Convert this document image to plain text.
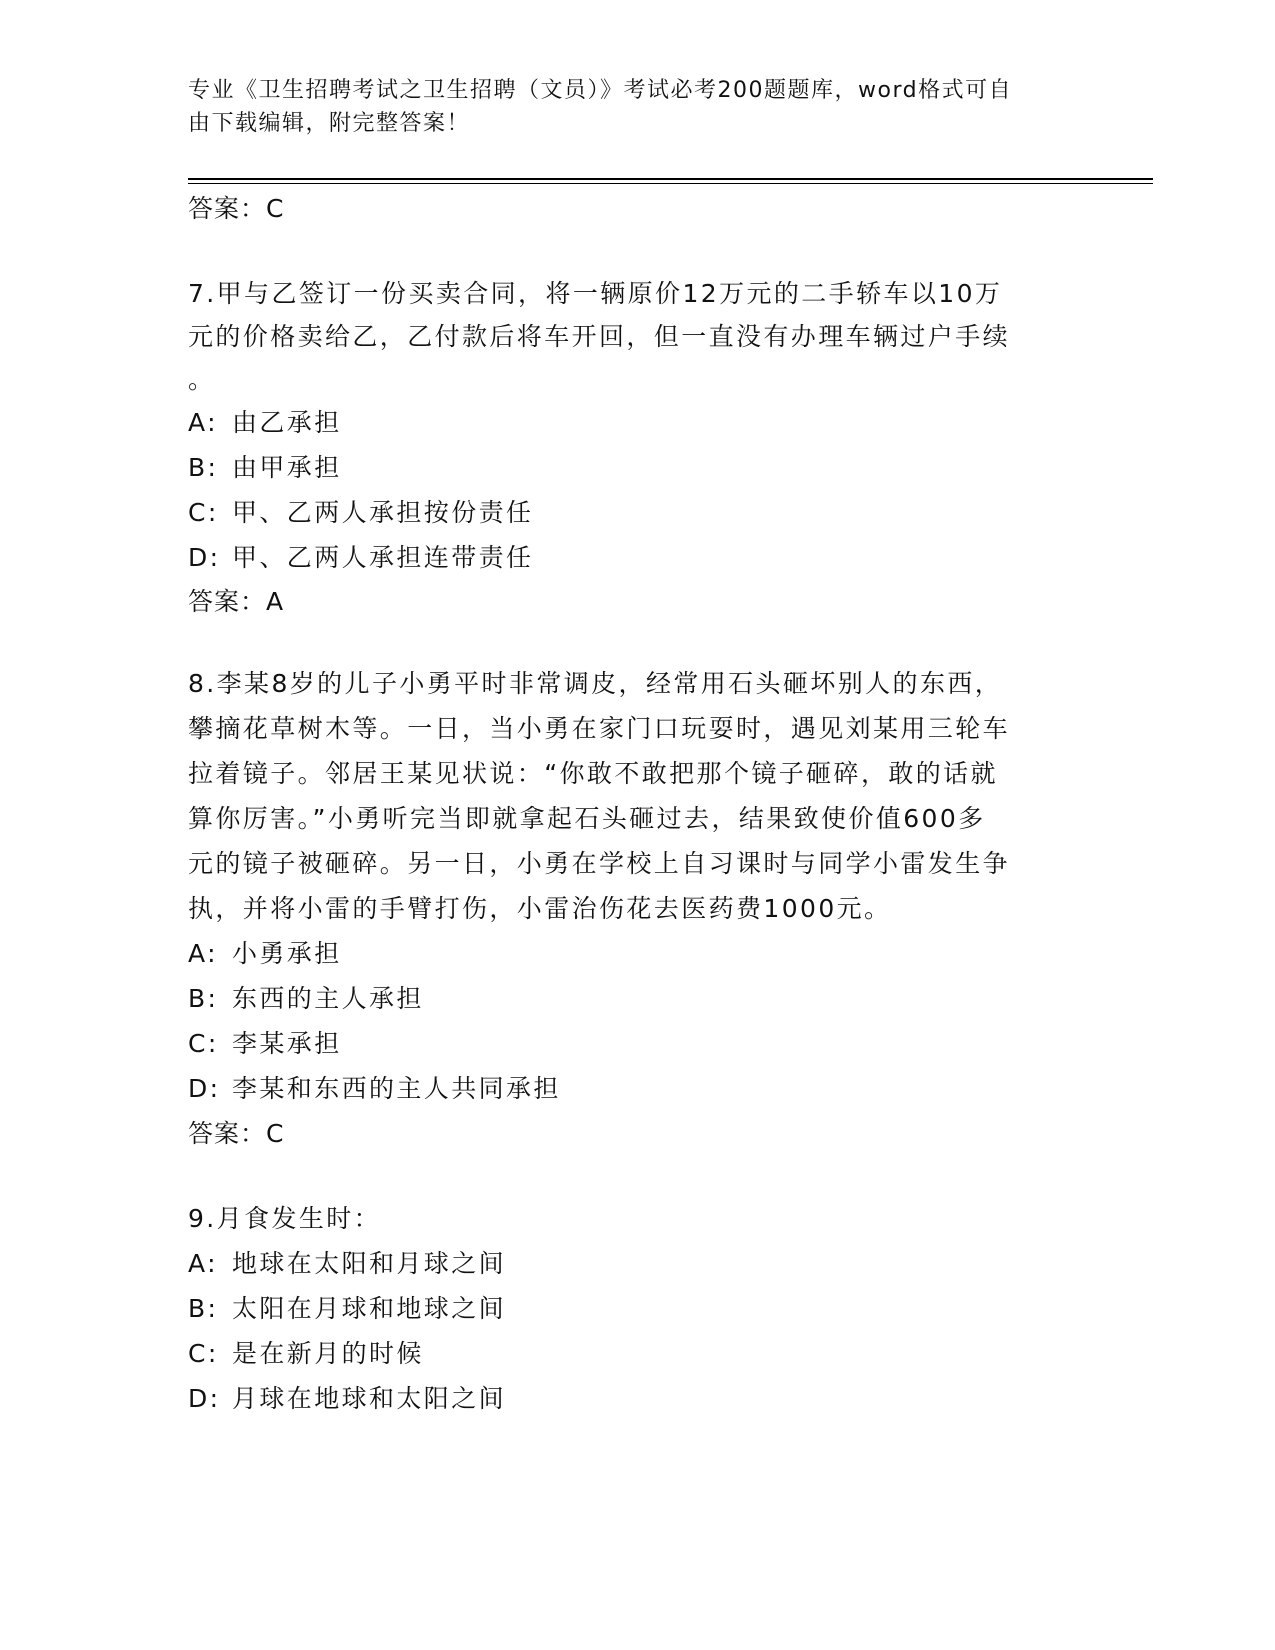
专业《卫生招聘考试之卫生招聘（文员）》考试必考200题题库，word格式可自
由下载编辑，附完整答案！

答案：C

7.甲与乙签订一份买卖合同，将一辆原价12万元的二手轿车以10万

元的价格卖给乙，乙付款后将车开回，但一直没有办理车辆过户手续

。

A: 由乙承担

B: 由甲承担

C: 甲、乙两人承担按份责任

D: 甲、乙两人承担连带责任

答案：A

8.李某8岁的儿子小勇平时非常调皮，经常用石头砸坏别人的东西，

攀摘花草树木等。一日，当小勇在家门口玩耍时，遇见刘某用三轮车

拉着镜子。邻居王某见状说：“你敢不敢把那个镜子砸碎，敢的话就

算你厉害。”小勇听完当即就拿起石头砸过去，结果致使价值600多

元的镜子被砸碎。另一日，小勇在学校上自习课时与同学小雷发生争

执，并将小雷的手臂打伤，小雷治伤花去医药费1000元。

A: 小勇承担

B: 东西的主人承担

C: 李某承担

D: 李某和东西的主人共同承担

答案：C

9.月食发生时：

A: 地球在太阳和月球之间

B: 太阳在月球和地球之间

C: 是在新月的时候

D: 月球在地球和太阳之间
